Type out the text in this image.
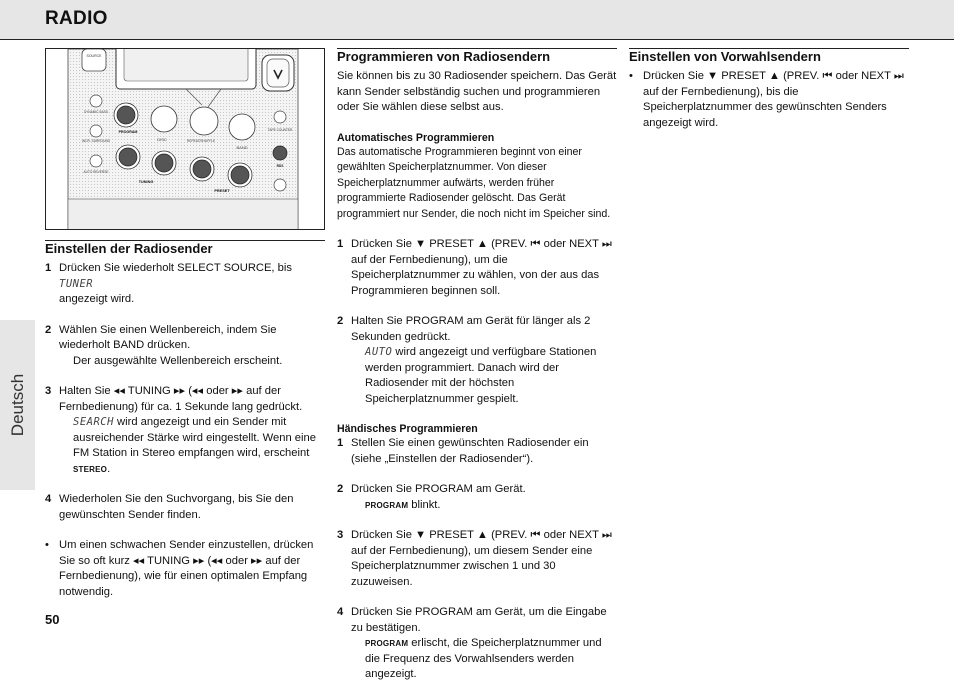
RADIO
Deutsch
SOURCE
DYNAMIC BASS
PROGRAM
DISC	REPEAT/SHUFFLE
BAND
INCR. SURROUND
TAPE COUNTER
RDS
TUNING
PRESET
AUTO REVERSE
Einstellen der Radiosender
1 Drücken Sie wiederholt SELECT SOURCE, bis TUNER
angezeigt wird.
2 Wählen Sie einen Wellenbereich, indem Sie wiederholt BAND drücken.

Der ausgewählte Wellenbereich erscheint.

3 Halten Sie ◂◂ TUNING ▸▸ (◂◂ oder ▸▸ auf der Fernbedienung) für ca. 1 Sekunde lang gedrückt.

SEARCH wird angezeigt und ein Sender mit ausreichender Stärke wird eingestellt. Wenn eine FM Station in Stereo empfangen wird, erscheint STEREO.

4 Wiederholen Sie den Suchvorgang, bis Sie den gewünschten Sender finden.
• Um einen schwachen Sender einzustellen, drücken Sie so oft kurz ◂◂ TUNING ▸▸ (◂◂ oder ▸▸ auf der Fernbedienung), wie für einen optimalen Empfang notwendig.
Programmieren von Radiosendern

Sie können bis zu 30 Radiosender speichern. Das Gerät kann Sender selbständig suchen und programmieren oder Sie wählen diese selbst aus.

Automatisches Programmieren

Das automatische Programmieren beginnt von einer gewählten Speicherplatznummer. Von dieser Speicherplatznummer aufwärts, werden früher programmierte Radiosender gelöscht. Das Gerät programmiert nur Sender, die noch nicht im Speicher sind.

1 Drücken Sie ▼ PRESET ▲ (PREV. ⏮ oder NEXT ⏭ auf der Fernbedienung), um die Speicherplatznummer zu wählen, von der aus das Programmieren beginnen soll.
2 Halten Sie PROGRAM am Gerät für länger als 2 Sekunden gedrückt.

AUTO wird angezeigt und verfügbare Stationen werden programmiert. Danach wird der Radiosender mit der höchsten Speicherplatznummer gespielt.

Händisches Programmieren
1 Stellen Sie einen gewünschten Radiosender ein (siehe „Einstellen der Radiosender“).
2 Drücken Sie PROGRAM am Gerät.

PROGRAM blinkt.

3 Drücken Sie ▼ PRESET ▲ (PREV. ⏮ oder NEXT ⏭ auf der Fernbedienung), um diesem Sender eine Speicherplatznummer zwischen 1 und 30 zuzuweisen.
4 Drücken Sie PROGRAM am Gerät, um die Eingabe zu bestätigen.

PROGRAM erlischt, die Speicherplatznummer und die Frequenz des Vorwahlsenders werden angezeigt.

Einstellen von Vorwahlsendern
• Drücken Sie ▼ PRESET ▲ (PREV. ⏮ oder NEXT ⏭ auf der Fernbedienung), bis die Speicherplatznummer des gewünschten Senders angezeigt wird.
50
